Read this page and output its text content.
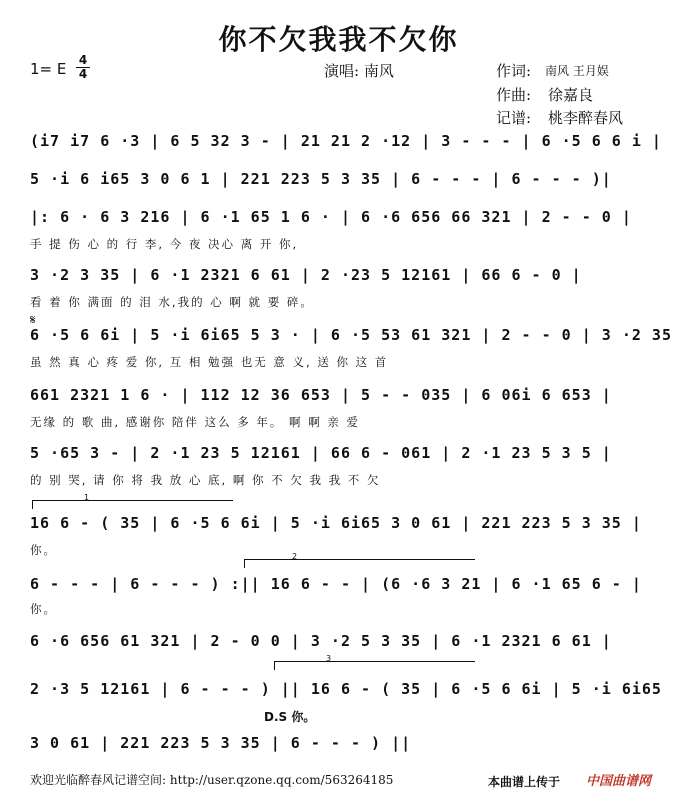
你不欠我我不欠你
1= E 4
4	演唱: 南风	作词: 南风 王月娱
作曲: 徐嘉良
记谱: 桃李醉春风
(i7 i7 6 ·3 | 6 5 32 3 - | 21 21 2 ·12 | 3 - - - | 6 ·5 6 6 i |
5 ·i 6 i65 3 0 6 1 | 221 223 5 3 35 | 6 - - - | 6 - - - )|
|: 6 · 6 3 216 | 6 ·1 65 1 6 · | 6 ·6 656 66 321 | 2 - - 0 |
手 提 伤 心 的 行 李, 今 夜 决心 离 开 你,
3 ·2 3 35 | 6 ·1 2321 6 61 | 2 ·23 5 12161 | 66 6 - 0 |
看 着 你 满面 的 泪 水,我的 心 啊 就 要 碎。
𝄋
6 ·5 6 6i | 5 ·i 6i65 5 3 · | 6 ·5 53 61 321 | 2 - - 0 | 3 ·2 35
虽 然 真 心 疼 爱 你, 互 相 勉强 也无 意 义, 送 你 这 首
661 2321 1 6 · | 112 12 36 653 | 5 - - 035 | 6 06i 6 653 |
无缘 的 歌 曲, 感谢你 陪伴 这么 多 年。 啊 啊 亲 爱
5 ·65 3 - | 2 ·1 23 5 12161 | 66 6 - 061 | 2 ·1 23 5 3 5 |
的 别 哭, 请 你 将 我 放 心 底, 啊 你 不 欠 我 我 不 欠
1
16 6 - ( 35 | 6 ·5 6 6i | 5 ·i 6i65 3 0 61 | 221 223 5 3 35 |
你。	2
6 - - - | 6 - - - ) :|| 16 6 - - | (6 ·6 3 21 | 6 ·1 65 6 - |
你。
6 ·6 656 61 321 | 2 - 0 0 | 3 ·2 5 3 35 | 6 ·1 2321 6 61 |
3
2 ·3 5 12161 | 6 - - - ) || 16 6 - ( 35 | 6 ·5 6 6i | 5 ·i 6i65
D.S 你。
3 0 61 | 221 223 5 3 35 | 6 - - - ) ||
欢迎光临醉春风记谱空间: http://user.qzone.qq.com/563264185	本曲谱上传于 中国曲谱网
